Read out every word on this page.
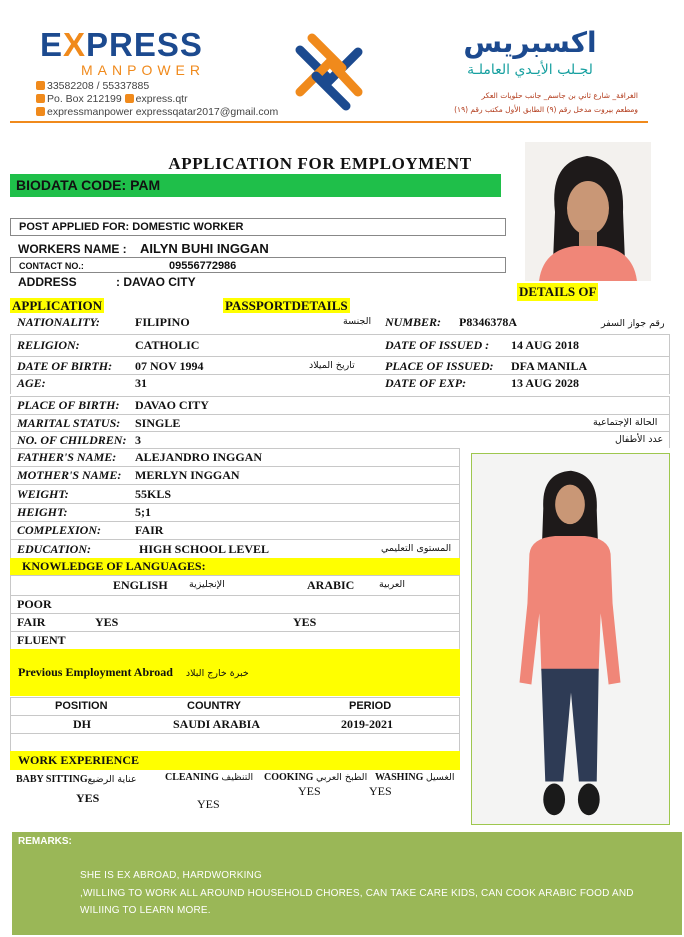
EXPRESS
MANPOWER
33582208 / 55337885
Po. Box 212199 express.qtr
expressmanpower expressqatar2017@gmail.com
اكسبريس
لجـلب الأيـدي العاملـة
الغرافة_ شارع ثاني بن جاسم_ جانب حلويات العكر
ومطعم بيروت مدخل رقم (٩) الطابق الأول مكتب رقم (١٩)
APPLICATION FOR EMPLOYMENT
BIODATA CODE: PAM
POST APPLIED FOR: DOMESTIC WORKER
WORKERS NAME : AILYN BUHI INGGAN
CONTACT NO.:	09556772986
ADDRESS	: DAVAO CITY
DETAILS OF
APPLICATION	PASSPORTDETAILS
NATIONALITY:	FILIPINO	الجنسة NUMBER: P8346378A	رقم جواز السفر
RELIGION:	CATHOLIC	DATE OF ISSUED : 14 AUG 2018
DATE OF BIRTH: 07 NOV 1994	تاريخ الميلاد	PLACE OF ISSUED: DFA MANILA
AGE:	31	DATE OF EXP:	13 AUG 2028
PLACE OF BIRTH: DAVAO CITY
MARITAL STATUS: SINGLE	الحالة الإجتماعية
NO. OF CHILDREN: 3	عدد الأطفال
FATHER'S NAME: ALEJANDRO INGGAN
MOTHER'S NAME: MERLYN INGGAN
WEIGHT:	55KLS
HEIGHT:	5;1
COMPLEXION:	FAIR
EDUCATION:	HIGH SCHOOL LEVEL	المستوى التعليمي
KNOWLEDGE OF LANGUAGES:
ENGLISH الإنجليزية	ARABIC	العربية
POOR
FAIR	YES	YES
FLUENT
Previous Employment Abroad خبرة خارج البلاد
POSITION	COUNTRY	PERIOD
DH	SAUDI ARABIA	2019-2021
WORK EXPERIENCE
BABY SITTINGعناية الرضيع
YES
CLEANING التنظيف
YES
COOKING الطبخ العربي
YES
WASHING الغسيل
YES
REMARKS:
SHE IS EX ABROAD, HARDWORKING
,WILLING TO WORK ALL AROUND HOUSEHOLD CHORES, CAN TAKE CARE KIDS, CAN COOK ARABIC FOOD AND
WILIING TO LEARN MORE.
